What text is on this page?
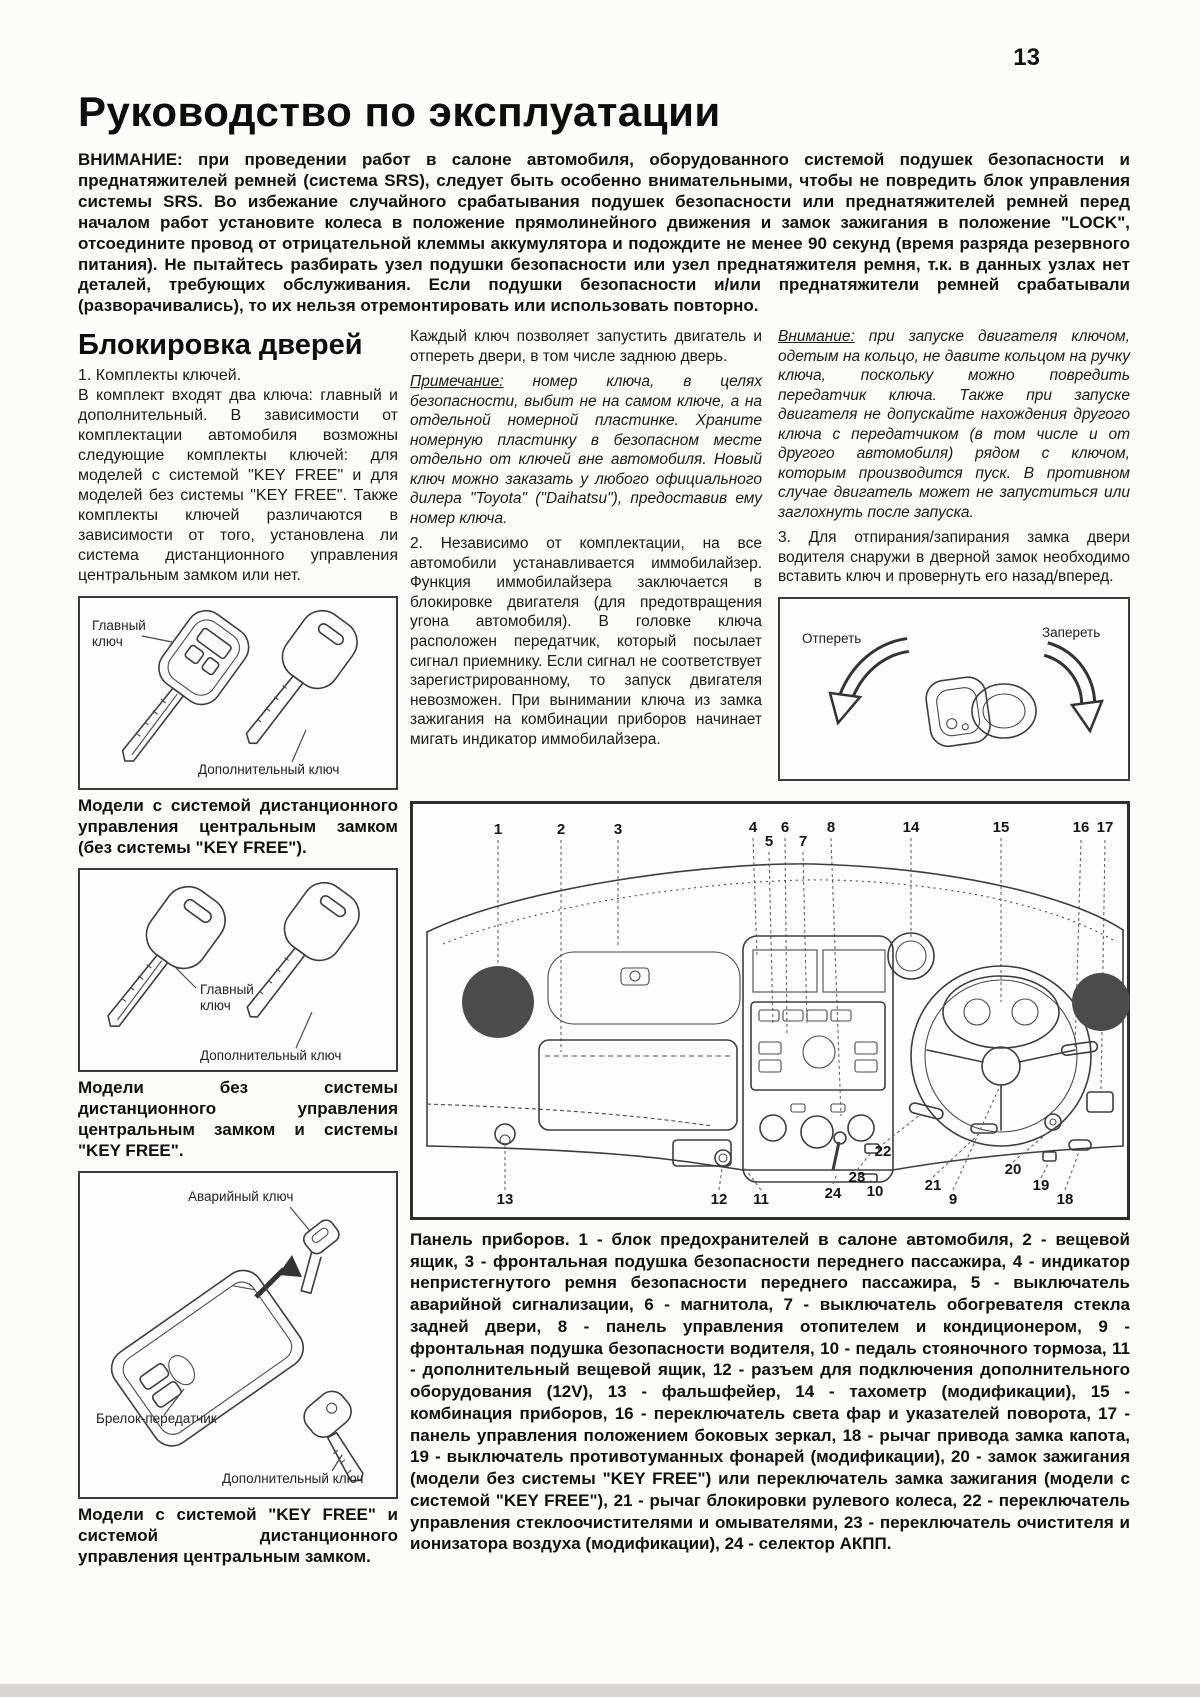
13
Руководство по эксплуатации

ВНИМАНИЕ: при проведении работ в салоне автомобиля, оборудованного системой подушек безопасности и преднатяжителей ремней (система SRS), следует быть особенно внимательными, чтобы не повредить блок управления системы SRS. Во избежание случайного срабатывания подушек безопасности или преднатяжителей ремней перед началом работ установите колеса в положение прямолинейного движения и замок зажигания в положение "LOCK", отсоедините провод от отрицательной клеммы аккумулятора и подождите не менее 90 секунд (время разряда резервного питания). Не пытайтесь разбирать узел подушки безопасности или узел преднатяжителя ремня, т.к. в данных узлах нет деталей, требующих обслуживания. Если подушки безопасности и/или преднатяжители ремней срабатывали (разворачивались), то их нельзя отремонтировать или использовать повторно.

Блокировка дверей
1. Комплекты ключей.
В комплект входят два ключа: главный и дополнительный. В зависимости от комплектации автомобиля возможны следующие комплекты ключей: для моделей с системой "KEY FREE" и для моделей без системы "KEY FREE". Также комплекты ключей различаются в зависимости от того, установлена ли система дистанционного управления центральным замком или нет.
Главный
ключ
Дополнительный ключ

Модели с системой дистанционного управления центральным замком (без системы "KEY FREE").

Главный
ключ
Дополнительный ключ

Модели без системы дистанционного управления центральным замком и системы "KEY FREE".

Аварийный ключ
Брелок-передатчик
Дополнительный ключ

Модели с системой "KEY FREE" и системой дистанционного управления центральным замком.

Каждый ключ позволяет запустить двигатель и отпереть двери, в том числе заднюю дверь.

Примечание: номер ключа, в целях безопасности, выбит не на самом ключе, а на отдельной номерной пластинке. Храните номерную пластинку в безопасном месте отдельно от ключей вне автомобиля. Новый ключ можно заказать у любого официального дилера "Toyota" ("Daihatsu"), предоставив ему номер ключа.

2. Независимо от комплектации, на все автомобили устанавливается иммобилайзер. Функция иммобилайзера заключается в блокировке двигателя (для предотвращения угона автомобиля). В головке ключа расположен передатчик, который посылает сигнал приемнику. Если сигнал не соответствует зарегистрированному, то запуск двигателя невозможен. При вынимании ключа из замка зажигания на комбинации приборов начинает мигать индикатор иммобилайзера.

Внимание: при запуске двигателя ключом, одетым на кольцо, не давите кольцом на ручку ключа, поскольку можно повредить передатчик ключа. Также при запуске двигателя не допускайте нахождения другого ключа с передатчиком (в том числе и от другого автомобиля) рядом с ключом, которым производится пуск. В противном случае двигатель может не запуститься или заглохнуть после запуска.

3. Для отпирания/запирания замка двери водителя снаружи в дверной замок необходимо вставить ключ и провернуть его назад/вперед.

Отпереть	Запереть
1	2	3	4
5
6
7
8	14	15	16 17
13	12 11	24
23
10	9
22
21
20
19
18

Панель приборов. 1 - блок предохранителей в салоне автомобиля, 2 - вещевой ящик, 3 - фронтальная подушка безопасности переднего пассажира, 4 - индикатор непристегнутого ремня безопасности переднего пассажира, 5 - выключатель аварийной сигнализации, 6 - магнитола, 7 - выключатель обогревателя стекла задней двери, 8 - панель управления отопителем и кондиционером, 9 - фронтальная подушка безопасности водителя, 10 - педаль стояночного тормоза, 11 - дополнительный вещевой ящик, 12 - разъем для подключения дополнительного оборудования (12V), 13 - фальшфейер, 14 - тахометр (модификации), 15 - комбинация приборов, 16 - переключатель света фар и указателей поворота, 17 - панель управления положением боковых зеркал, 18 - рычаг привода замка капота, 19 - выключатель противотуманных фонарей (модификации), 20 - замок зажигания (модели без системы "KEY FREE") или переключатель замка зажигания (модели с системой "KEY FREE"), 21 - рычаг блокировки рулевого колеса, 22 - переключатель управления стеклоочистителями и омывателями, 23 - переключатель очистителя и ионизатора воздуха (модификации), 24 - селектор АКПП.
